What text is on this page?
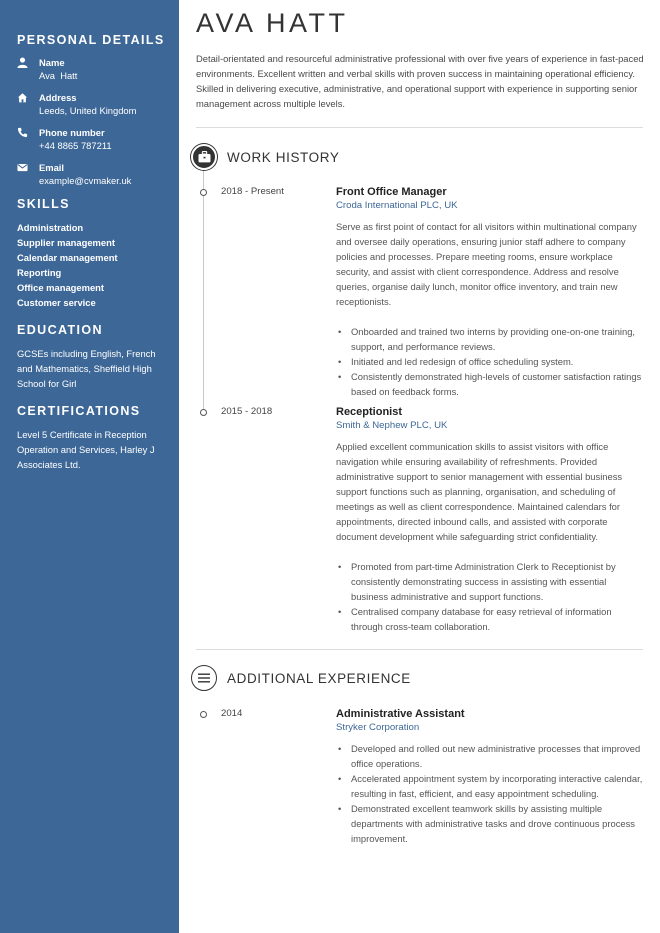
PERSONAL DETAILS
Name
Ava  Hatt
Address
Leeds, United Kingdom
Phone number
+44 8865 787211
Email
example@cvmaker.uk
SKILLS
Administration
Supplier management
Calendar management
Reporting
Office management
Customer service
EDUCATION
GCSEs including English, French and Mathematics, Sheffield High School for Girl
CERTIFICATIONS
Level 5 Certificate in Reception Operation and Services, Harley J Associates Ltd.
AVA HATT
Detail-orientated and resourceful administrative professional with over five years of experience in fast-paced environments. Excellent written and verbal skills with proven success in maintaining operational efficiency. Skilled in delivering executive, administrative, and operational support with experience in supporting senior management across multiple levels.
WORK HISTORY
2018 - Present	Front Office Manager
Croda International PLC, UK
Serve as first point of contact for all visitors within multinational company and oversee daily operations, ensuring junior staff adhere to company policies and processes. Prepare meeting rooms, ensure workplace security, and assist with client correspondence. Address and resolve queries, organise daily lunch, monitor office inventory, and train new receptionists.
• Onboarded and trained two interns by providing one-on-one training, support, and performance reviews.
• Initiated and led redesign of office scheduling system.
• Consistently demonstrated high-levels of customer satisfaction ratings based on feedback forms.
2015 - 2018	Receptionist
Smith & Nephew PLC, UK
Applied excellent communication skills to assist visitors with office navigation while ensuring availability of refreshments. Provided administrative support to senior management with essential business support functions such as planning, organisation, and scheduling of meetings as well as client correspondence. Maintained calendars for appointments, directed inbound calls, and assisted with corporate document development while safeguarding strict confidentiality.
• Promoted from part-time Administration Clerk to Receptionist by consistently demonstrating success in assisting with essential business administrative and support functions.
• Centralised company database for easy retrieval of information through cross-team collaboration.
ADDITIONAL EXPERIENCE
2014	Administrative Assistant
Stryker Corporation
• Developed and rolled out new administrative processes that improved office operations.
• Accelerated appointment system by incorporating interactive calendar, resulting in fast, efficient, and easy appointment scheduling.
• Demonstrated excellent teamwork skills by assisting multiple departments with administrative tasks and drove continuous process improvement.
